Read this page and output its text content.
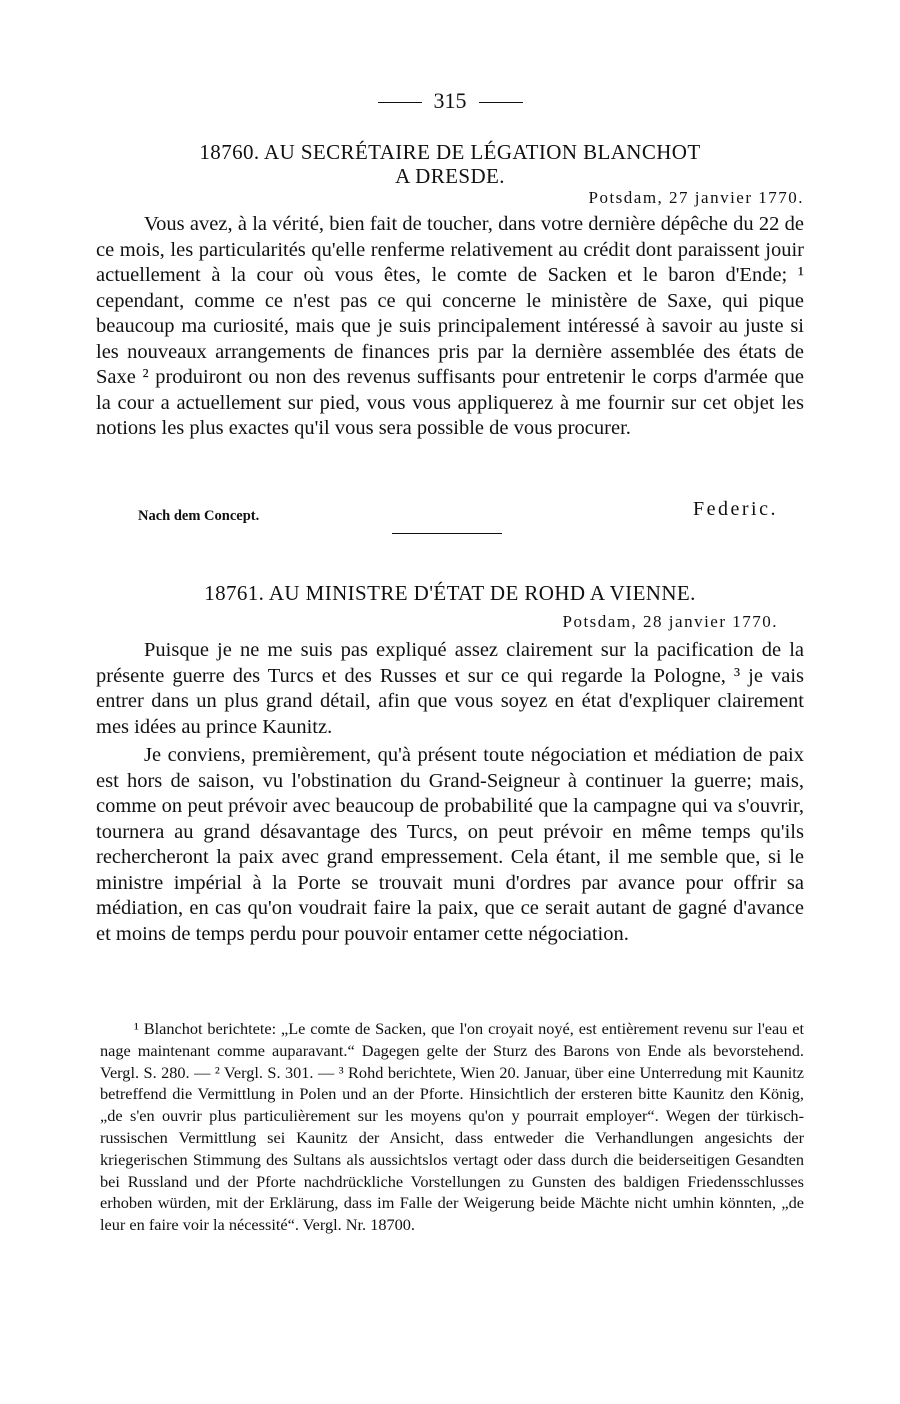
315
18760. AU SECRÉTAIRE DE LÉGATION BLANCHOT
A DRESDE.
Potsdam, 27 janvier 1770.

Vous avez, à la vérité, bien fait de toucher, dans votre dernière dépêche du 22 de ce mois, les particularités qu'elle renferme relativement au crédit dont paraissent jouir actuellement à la cour où vous êtes, le comte de Sacken et le baron d'Ende; ¹ cependant, comme ce n'est pas ce qui concerne le ministère de Saxe, qui pique beaucoup ma curiosité, mais que je suis principalement intéressé à savoir au juste si les nouveaux arrangements de finances pris par la dernière assemblée des états de Saxe ² produiront ou non des revenus suffisants pour entretenir le corps d'armée que la cour a actuellement sur pied, vous vous appliquerez à me fournir sur cet objet les notions les plus exactes qu'il vous sera possible de vous procurer.

Nach dem Concept.	Federic.
18761. AU MINISTRE D'ÉTAT DE ROHD A VIENNE.
Potsdam, 28 janvier 1770.

Puisque je ne me suis pas expliqué assez clairement sur la pacification de la présente guerre des Turcs et des Russes et sur ce qui regarde la Pologne, ³ je vais entrer dans un plus grand détail, afin que vous soyez en état d'expliquer clairement mes idées au prince Kaunitz.

Je conviens, premièrement, qu'à présent toute négociation et médiation de paix est hors de saison, vu l'obstination du Grand-Seigneur à continuer la guerre; mais, comme on peut prévoir avec beaucoup de probabilité que la campagne qui va s'ouvrir, tournera au grand désavantage des Turcs, on peut prévoir en même temps qu'ils rechercheront la paix avec grand empressement. Cela étant, il me semble que, si le ministre impérial à la Porte se trouvait muni d'ordres par avance pour offrir sa médiation, en cas qu'on voudrait faire la paix, que ce serait autant de gagné d'avance et moins de temps perdu pour pouvoir entamer cette négociation.

¹ Blanchot berichtete: „Le comte de Sacken, que l'on croyait noyé, est entièrement revenu sur l'eau et nage maintenant comme auparavant.“ Dagegen gelte der Sturz des Barons von Ende als bevorstehend. Vergl. S. 280. — ² Vergl. S. 301. — ³ Rohd berichtete, Wien 20. Januar, über eine Unterredung mit Kaunitz betreffend die Vermittlung in Polen und an der Pforte. Hinsichtlich der ersteren bitte Kaunitz den König, „de s'en ouvrir plus particulièrement sur les moyens qu'on y pourrait employer“. Wegen der türkisch-russischen Vermittlung sei Kaunitz der Ansicht, dass entweder die Verhandlungen angesichts der kriegerischen Stimmung des Sultans als aussichtslos vertagt oder dass durch die beiderseitigen Gesandten bei Russland und der Pforte nachdrückliche Vorstellungen zu Gunsten des baldigen Friedensschlusses erhoben würden, mit der Erklärung, dass im Falle der Weigerung beide Mächte nicht umhin könnten, „de leur en faire voir la nécessité“. Vergl. Nr. 18700.
